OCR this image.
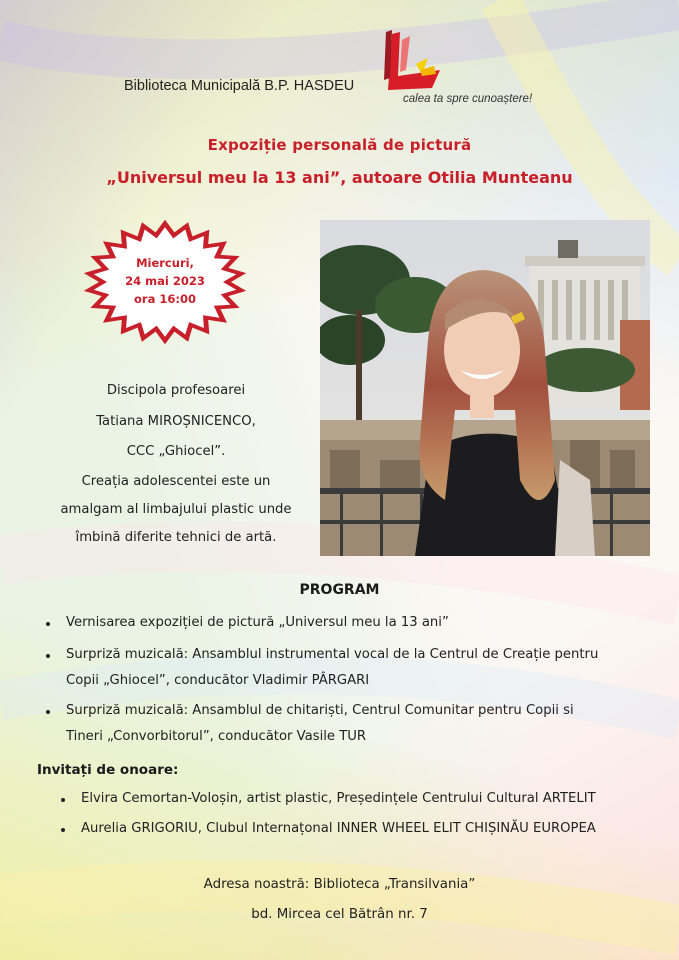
Biblioteca Municipală B.P. HASDEU
calea ta spre cunoaștere!
Expoziție personală de pictură
„Universul meu la 13 ani”, autoare Otilia Munteanu
Miercuri,
24 mai 2023
ora 16:00
Discipola profesoarei
Tatiana MIROȘNICENCO,
CCC „Ghiocel”.
Creația adolescentei este un
amalgam al limbajului plastic unde
îmbină diferite tehnici de artă.
PROGRAM
Vernisarea expoziției de pictură „Universul meu la 13 ani”
Surpriză muzicală: Ansamblul instrumental vocal de la Centrul de Creație pentru
Copii „Ghiocel”, conducător Vladimir PÂRGARI
Surpriză muzicală: Ansamblul de chitariști, Centrul Comunitar pentru Copii si
Tineri „Convorbitorul”, conducător Vasile TUR
Invitați de onoare:
Elvira Cemortan-Voloșin, artist plastic, Președințele Centrului Cultural ARTELIT
Aurelia GRIGORIU, Clubul Internațonal INNER WHEEL ELIT CHIȘINĂU EUROPEA
Adresa noastră: Biblioteca „Transilvania”
bd. Mircea cel Bătrân nr. 7
